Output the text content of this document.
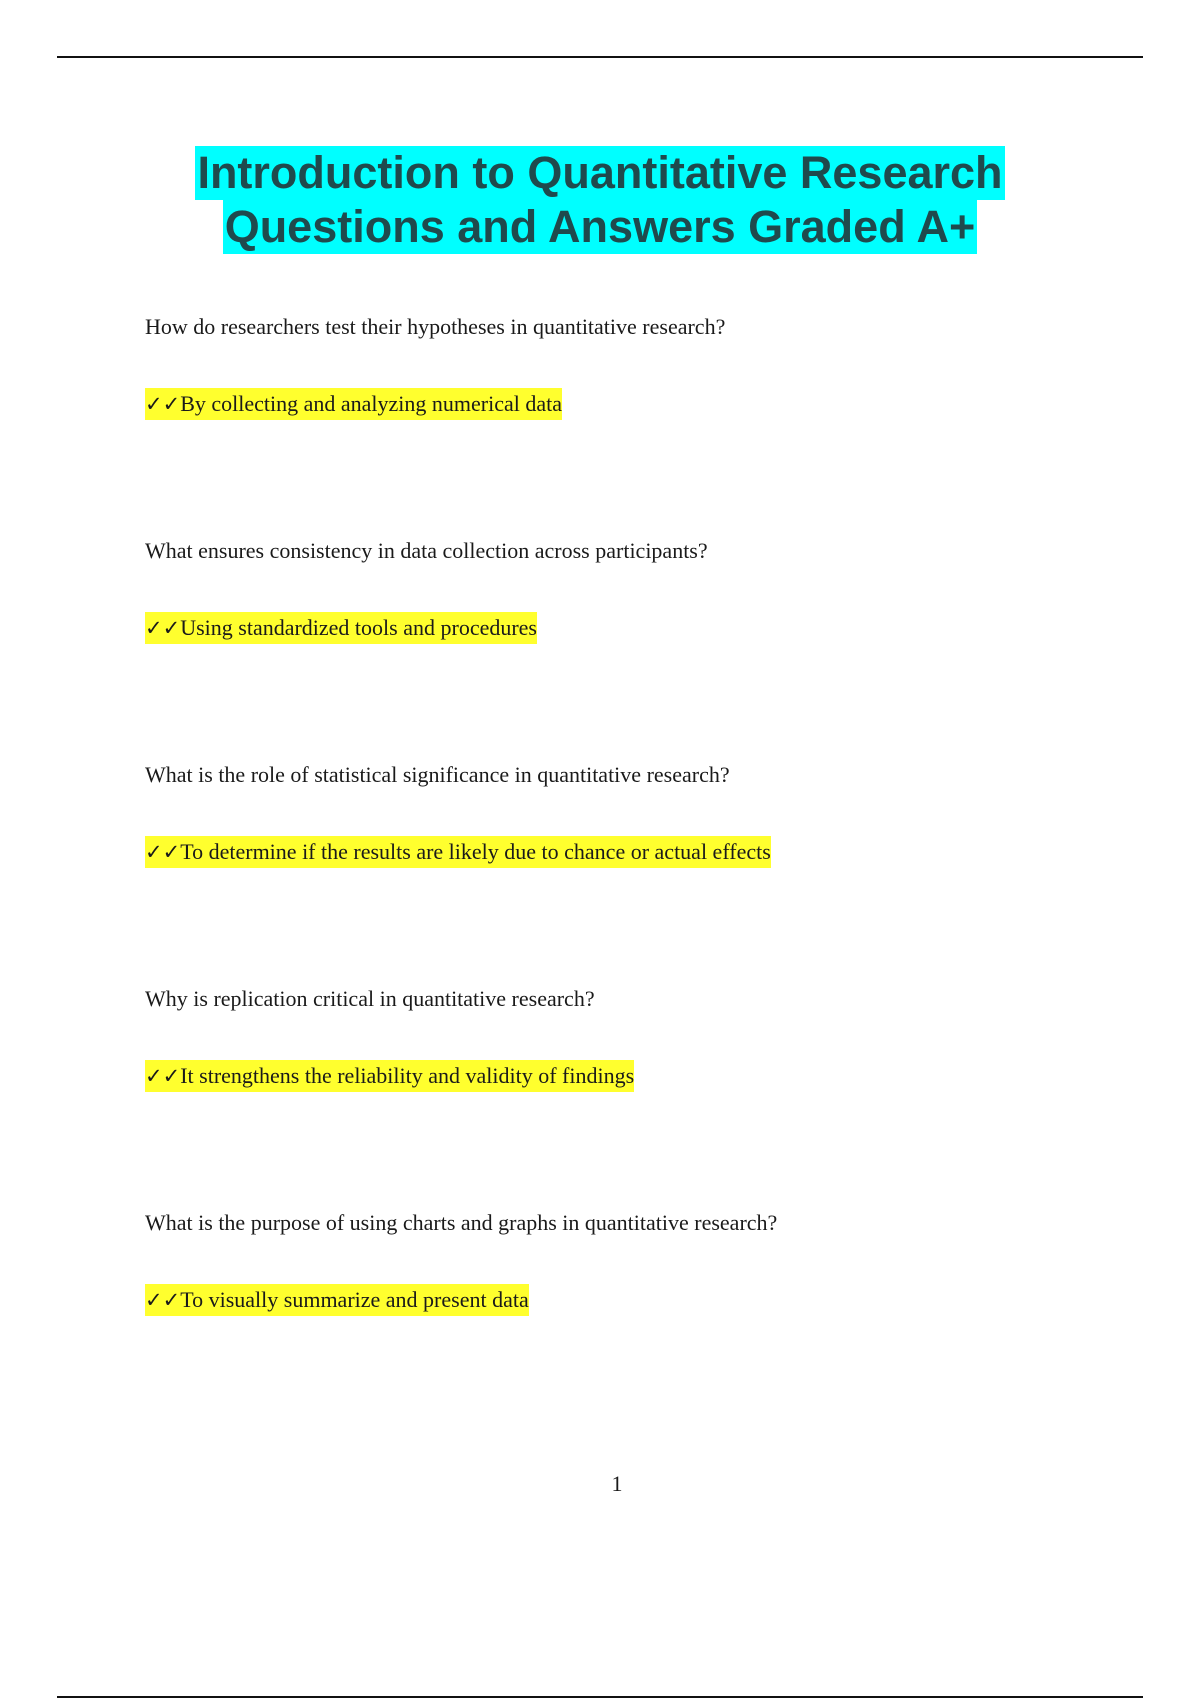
Introduction to Quantitative Research
Questions and Answers Graded A+

How do researchers test their hypotheses in quantitative research?

✓✓By collecting and analyzing numerical data

What ensures consistency in data collection across participants?

✓✓Using standardized tools and procedures

What is the role of statistical significance in quantitative research?

✓✓To determine if the results are likely due to chance or actual effects

Why is replication critical in quantitative research?

✓✓It strengthens the reliability and validity of findings

What is the purpose of using charts and graphs in quantitative research?

✓✓To visually summarize and present data
1
